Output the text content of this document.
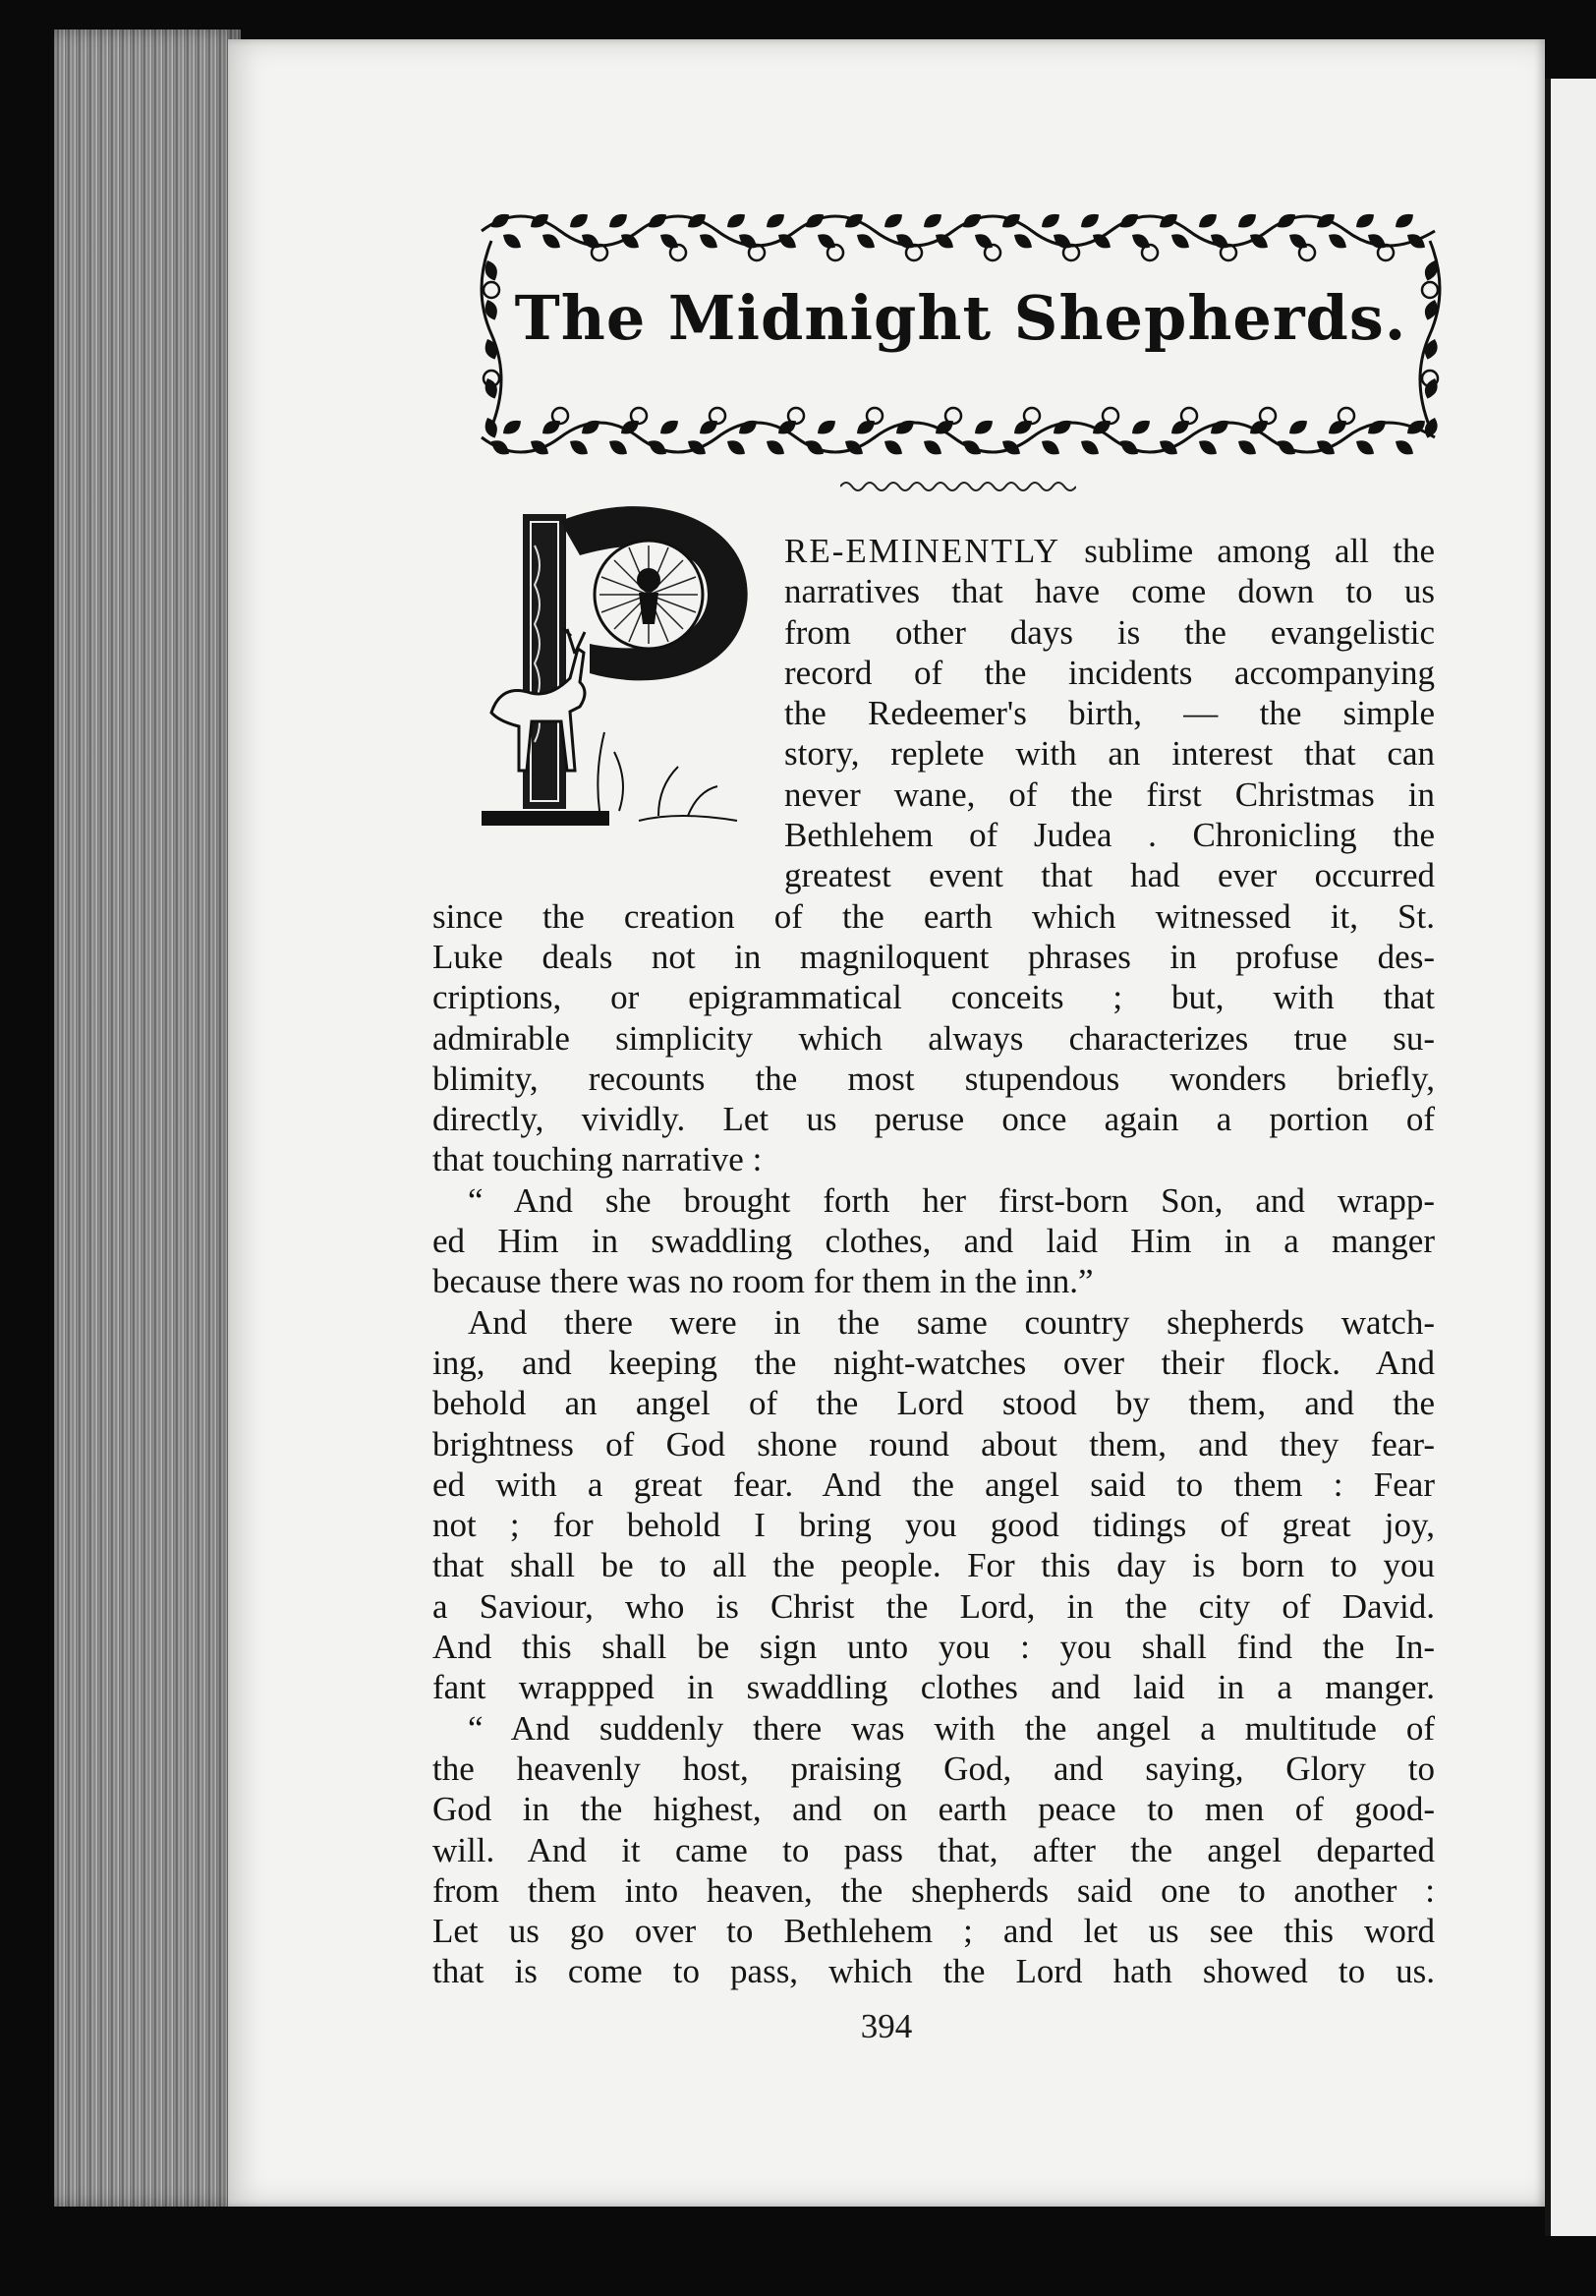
The Midnight Shepherds.
RE-EMINENTLY sublime among all the
narratives that have come down to us
from other days is the evangelistic
record of the incidents accompanying
the Redeemer's birth, — the simple
story, replete with an interest that can
never wane, of the first Christmas in
Bethlehem of Judea . Chronicling the
greatest event that had ever occurred
since the creation of the earth which witnessed it, St.
Luke deals not in magniloquent phrases in profuse des-
criptions, or epigrammatical conceits ; but, with that
admirable simplicity which always characterizes true su-
blimity, recounts the most stupendous wonders briefly,
directly, vividly. Let us peruse once again a portion of
that touching narrative :
“ And she brought forth her first-born Son, and wrapp-
ed Him in swaddling clothes, and laid Him in a manger
because there was no room for them in the inn.”
And there were in the same country shepherds watch-
ing, and keeping the night-watches over their flock. And
behold an angel of the Lord stood by them, and the
brightness of God shone round about them, and they fear-
ed with a great fear. And the angel said to them : Fear
not ; for behold I bring you good tidings of great joy,
that shall be to all the people. For this day is born to you
a Saviour, who is Christ the Lord, in the city of David.
And this shall be sign unto you : you shall find the In-
fant wrappped in swaddling clothes and laid in a manger.
“ And suddenly there was with the angel a multitude of
the heavenly host, praising God, and saying, Glory to
God in the highest, and on earth peace to men of good-
will. And it came to pass that, after the angel departed
from them into heaven, the shepherds said one to another :
Let us go over to Bethlehem ; and let us see this word
that is come to pass, which the Lord hath showed to us.
394
